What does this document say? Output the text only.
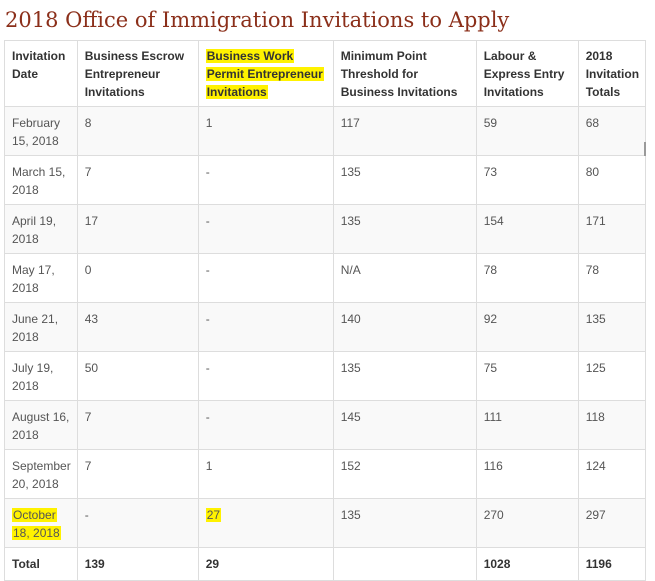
2018 Office of Immigration Invitations to Apply
Invitation Date	Business Escrow Entrepreneur Invitations	Business Work Permit Entrepreneur Invitations	Minimum Point Threshold for Business Invitations	Labour & Express Entry Invitations	2018 Invitation Totals
February 15, 2018	8	1	117	59	68
March 15, 2018	7	-	135	73	80
April 19, 2018	17	-	135	154	171
May 17, 2018	0	-	N/A	78	78
June 21, 2018	43	-	140	92	135
July 19, 2018	50	-	135	75	125
August 16, 2018	7	-	145	111	118
September 20, 2018	7	1	152	116	124
October 18, 2018	-	27	135	270	297
Total	139	29		1028	1196
